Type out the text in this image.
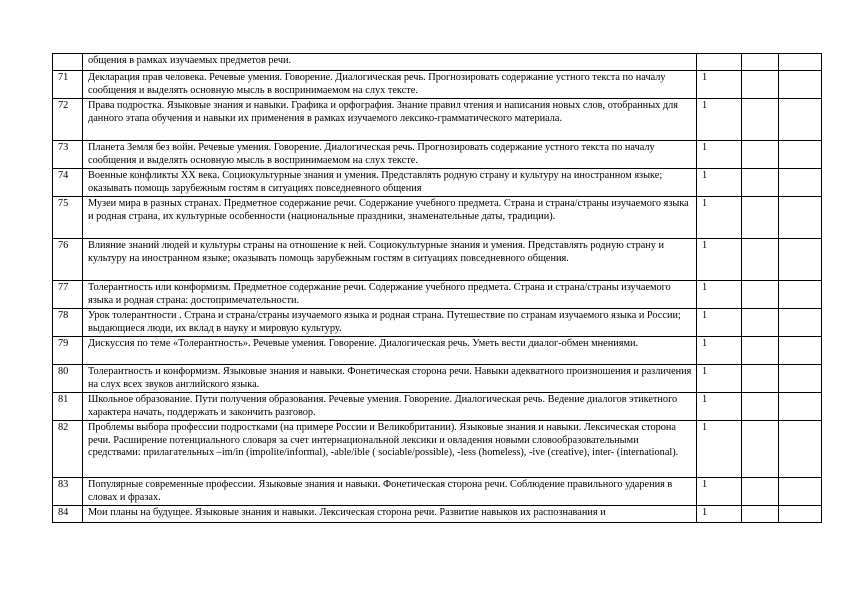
	общения в рамках изучаемых предметов речи.			
71	Декларация прав человека. Речевые умения. Говорение. Диалогическая речь. Прогнозировать содержание устного текста по началу сообщения и выделять основную мысль в воспринимаемом на слух тексте.	1		
72	Права подростка. Языковые знания и навыки. Графика и орфография. Знание правил чтения и написания новых слов, отобранных для данного этапа обучения и навыки их применения в рамках изучаемого лексико-грамматического материала.	1		
73	Планета Земля без войн. Речевые умения. Говорение. Диалогическая речь. Прогнозировать содержание устного текста по началу сообщения и выделять основную мысль в воспринимаемом на слух тексте.	1		
74	Военные конфликты XX века. Социокультурные знания и умения. Представлять родную страну и культуру на иностранном языке; оказывать помощь зарубежным гостям в ситуациях повседневного общения	1		
75	Музеи мира в разных странах. Предметное содержание речи. Содержание учебного предмета. Страна и страна/страны изучаемого языка и родная страна, их культурные особенности (национальные праздники, знаменательные даты, традиции).	1		
76	Влияние знаний людей и культуры страны на отношение к ней. Социокультурные знания и умения. Представлять родную страну и культуру на иностранном языке; оказывать помощь зарубежным гостям в ситуациях повседневного общения.	1		
77	Толерантность или конформизм. Предметное содержание речи. Содержание учебного предмета. Страна и страна/страны изучаемого языка и родная страна: достопримечательности.	1		
78	Урок толерантности . Страна и страна/страны изучаемого языка и родная страна. Путешествие по странам изучаемого языка и России; выдающиеся люди, их вклад в науку и мировую культуру.	1		
79	Дискуссия по теме «Толерантность». Речевые умения. Говорение. Диалогическая речь. Уметь вести диалог-обмен мнениями.	1		
80	Толерантность и конформизм. Языковые знания и навыки. Фонетическая сторона речи. Навыки адекватного произношения и различения на слух всех звуков английского языка.	1		
81	Школьное образование. Пути получения образования. Речевые умения. Говорение. Диалогическая речь. Ведение диалогов этикетного характера начать, поддержать и закончить разговор.	1		
82	Проблемы выбора профессии подростками (на примере России и Великобритании). Языковые знания и навыки. Лексическая сторона речи. Расширение потенциального словаря за счет интернациональной лексики и овладения новыми словообразовательными средствами: прилагательных –im/in (impolite/informal), -able/ible ( sociable/possible), -less (homeless), -ive (creative), inter- (international).	1		
83	Популярные современные профессии. Языковые знания и навыки. Фонетическая сторона речи. Соблюдение правильного ударения в словах и фразах.	1		
84	Мои планы на будущее. Языковые знания и навыки. Лексическая сторона речи. Развитие навыков их распознавания и	1		
